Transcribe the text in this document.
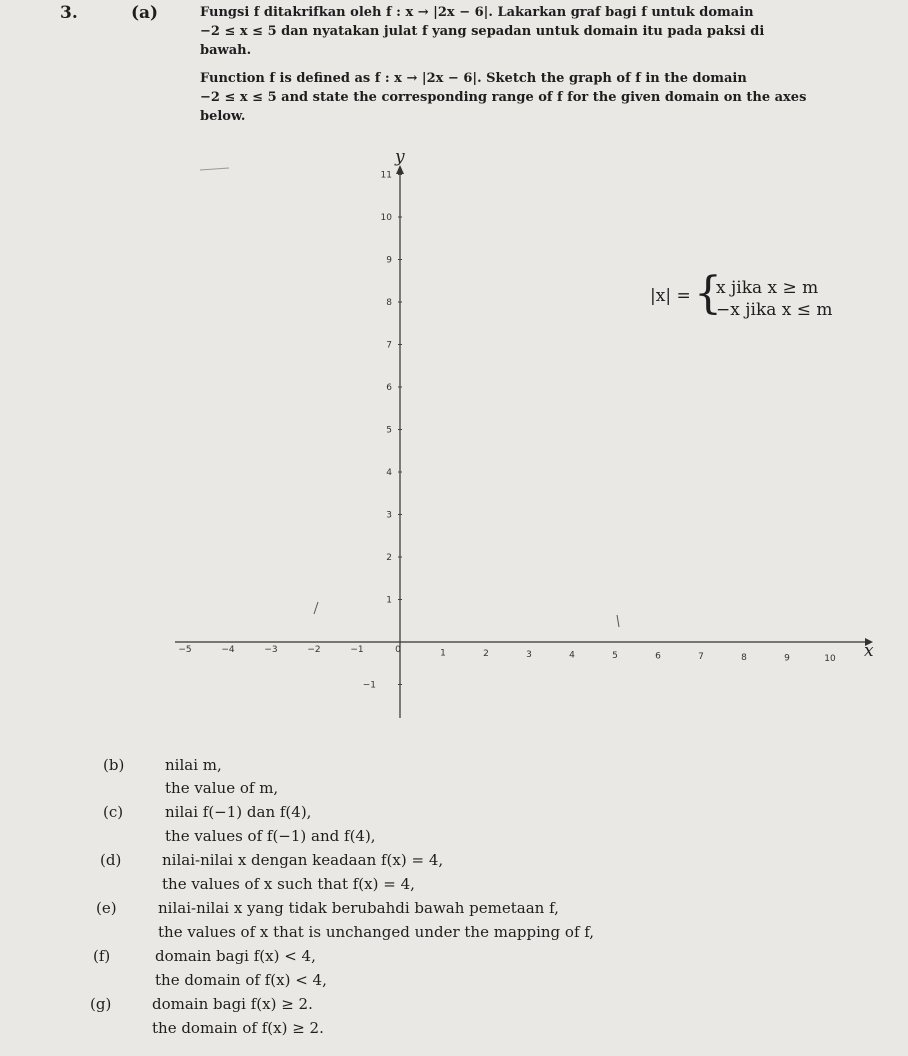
3.	(a)	Fungsi f ditakrifkan oleh f : x → |2x − 6|. Lakarkan graf bagi f untuk domain
−2 ≤ x ≤ 5 dan nyatakan julat f yang sepadan untuk domain itu pada paksi di
bawah.
Function f is defined as f : x → |2x − 6|. Sketch the graph of f in the domain
−2 ≤ x ≤ 5 and state the corresponding range of f for the given domain on the axes
below.
y
x
11
10
9
8
7
6
5
4
3
2
1
−1
−5	−4	−3	−2	−1	0	1	2	3	4	5	6	7	8	9	10
|x| = {
x jika x ≥ m
−x jika x ≤ m
(b)	nilai m,
the value of m,
(c)	nilai f(−1) dan f(4),
the values of f(−1) and f(4),
(d)	nilai-nilai x dengan keadaan f(x) = 4,
the values of x such that f(x) = 4,
(e)	nilai-nilai x yang tidak berubahdi bawah pemetaan f,
the values of x that is unchanged under the mapping of f,
(f)	domain bagi f(x) < 4,
the domain of f(x) < 4,
(g)	domain bagi f(x) ≥ 2.
the domain of f(x) ≥ 2.
